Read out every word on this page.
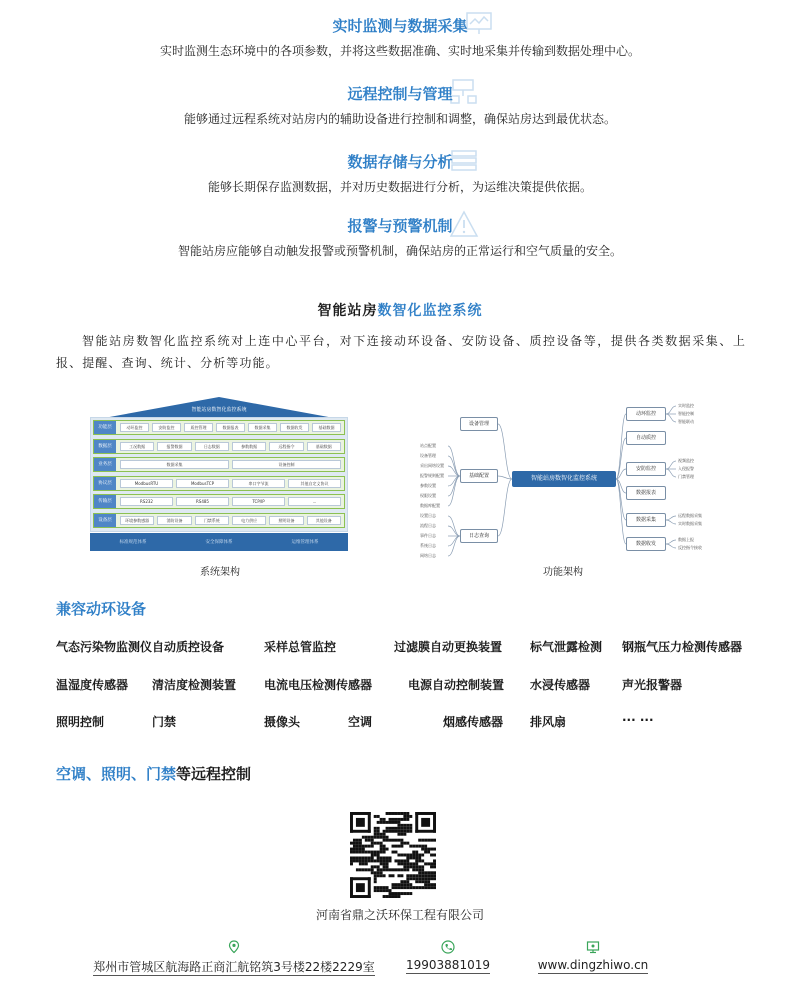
实时监测与数据采集

实时监测生态环境中的各项参数，并将这些数据准确、实时地采集并传输到数据处理中心。

远程控制与管理

能够通过远程系统对站房内的辅助设备进行控制和调整，确保站房达到最优状态。

数据存储与分析

能够长期保存监测数据，并对历史数据进行分析，为运维决策提供依据。

报警与预警机制

智能站房应能够自动触发报警或预警机制，确保站房的正常运行和空气质量的安全。

智能站房数智化监控系统

智能站房数智化监控系统对上连中心平台，对下连接动环设备、安防设备、质控设备等，提供各类数据采集、上报、提醒、查询、统计、分析等功能。

智能站房数智化监控系统
功能层	动环监控	安防监控	质控管理	数据报表	数据采集	数据收发	基础数据
数据层	工况数据	报警数据	日志数据	参数数据	远程指令	基础数据
业务层	数据采集	设备控制
协议层	ModbusRTU	ModbusTCP	串口字节流	其他自定义协议
传输层	RS232	RS485	TCP/IP	...
设备层	环境参数感器	消防设备	门禁系统	电力供应	照明设备	其他设备
标准规范体系	安全保障体系	运维管理体系
系统架构
智能站房数智化监控系统
设备管理
基础配置
站点配置
设备管理
采出网络设置
报警规则配置
参数设置
权限设置
数据库配置
日志查询
设置日志
流程日志
事件日志
系统日志
网络日志
动环监控
实时监控
智能控制
智能联动
自动质控
安防监控
视频监控
入侵报警
门禁管理
数据报表
数据采集
远程数据采集
实时数据采集
数据收发
数据上报
反控指令接收
功能架构
兼容动环设备
气态污染物监测仪自动质控设备	采样总管监控	过滤膜自动更换装置 标气泄露检测 钢瓶气压力检测传感器
温湿度传感器 清洁度检测装置 电流电压检测传感器	电源自动控制装置 水浸传感器	声光报警器
照明控制	门禁	摄像头	空调	烟感传感器 排风扇	··· ···
空调、照明、门禁等远程控制
河南省鼎之沃环保工程有限公司
郑州市管城区航海路正商汇航铭筑3号楼22楼2229室	19903881019	www.dingzhiwo.cn
